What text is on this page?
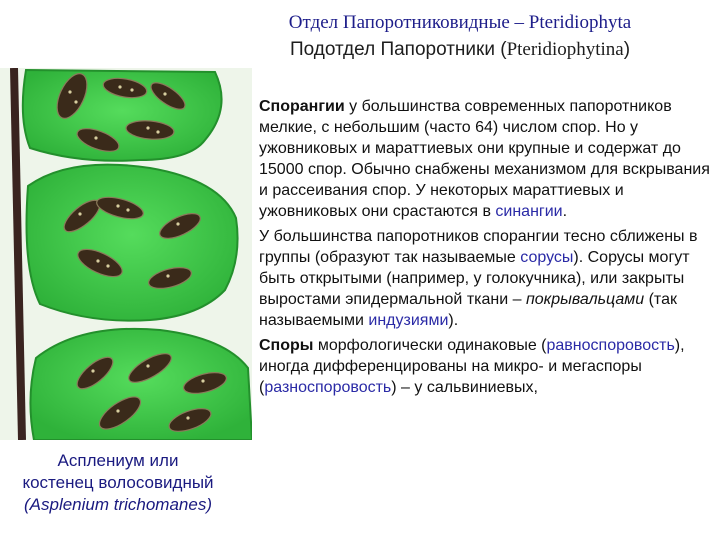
Отдел Папоротниковидные – Pteridiophyta
Подотдел Папоротники (Pteridiophytina)
Асплениум или
костенец волосовидный
(Asplenium trichomanes)

Спорангии у большинства современных папоротников мелкие, с небольшим (часто 64) числом спор. Но у ужовниковых и мараттиевых они крупные и содержат до 15000 спор. Обычно снабжены механизмом для вскрывания и рассеивания спор. У некоторых мараттиевых и ужовниковых они срастаются в синангии.

У большинства папоротников спорангии тесно сближены в группы (образуют так называемые сорусы). Сорусы могут быть открытыми (например, у голокучника), или закрыты выростами эпидермальной ткани – покрывальцами (так называемыми индузиями).

Споры морфологически одинаковые (равноспоровость), иногда дифференцированы на микро- и мегаспоры (разноспоровость) – у сальвиниевых,
